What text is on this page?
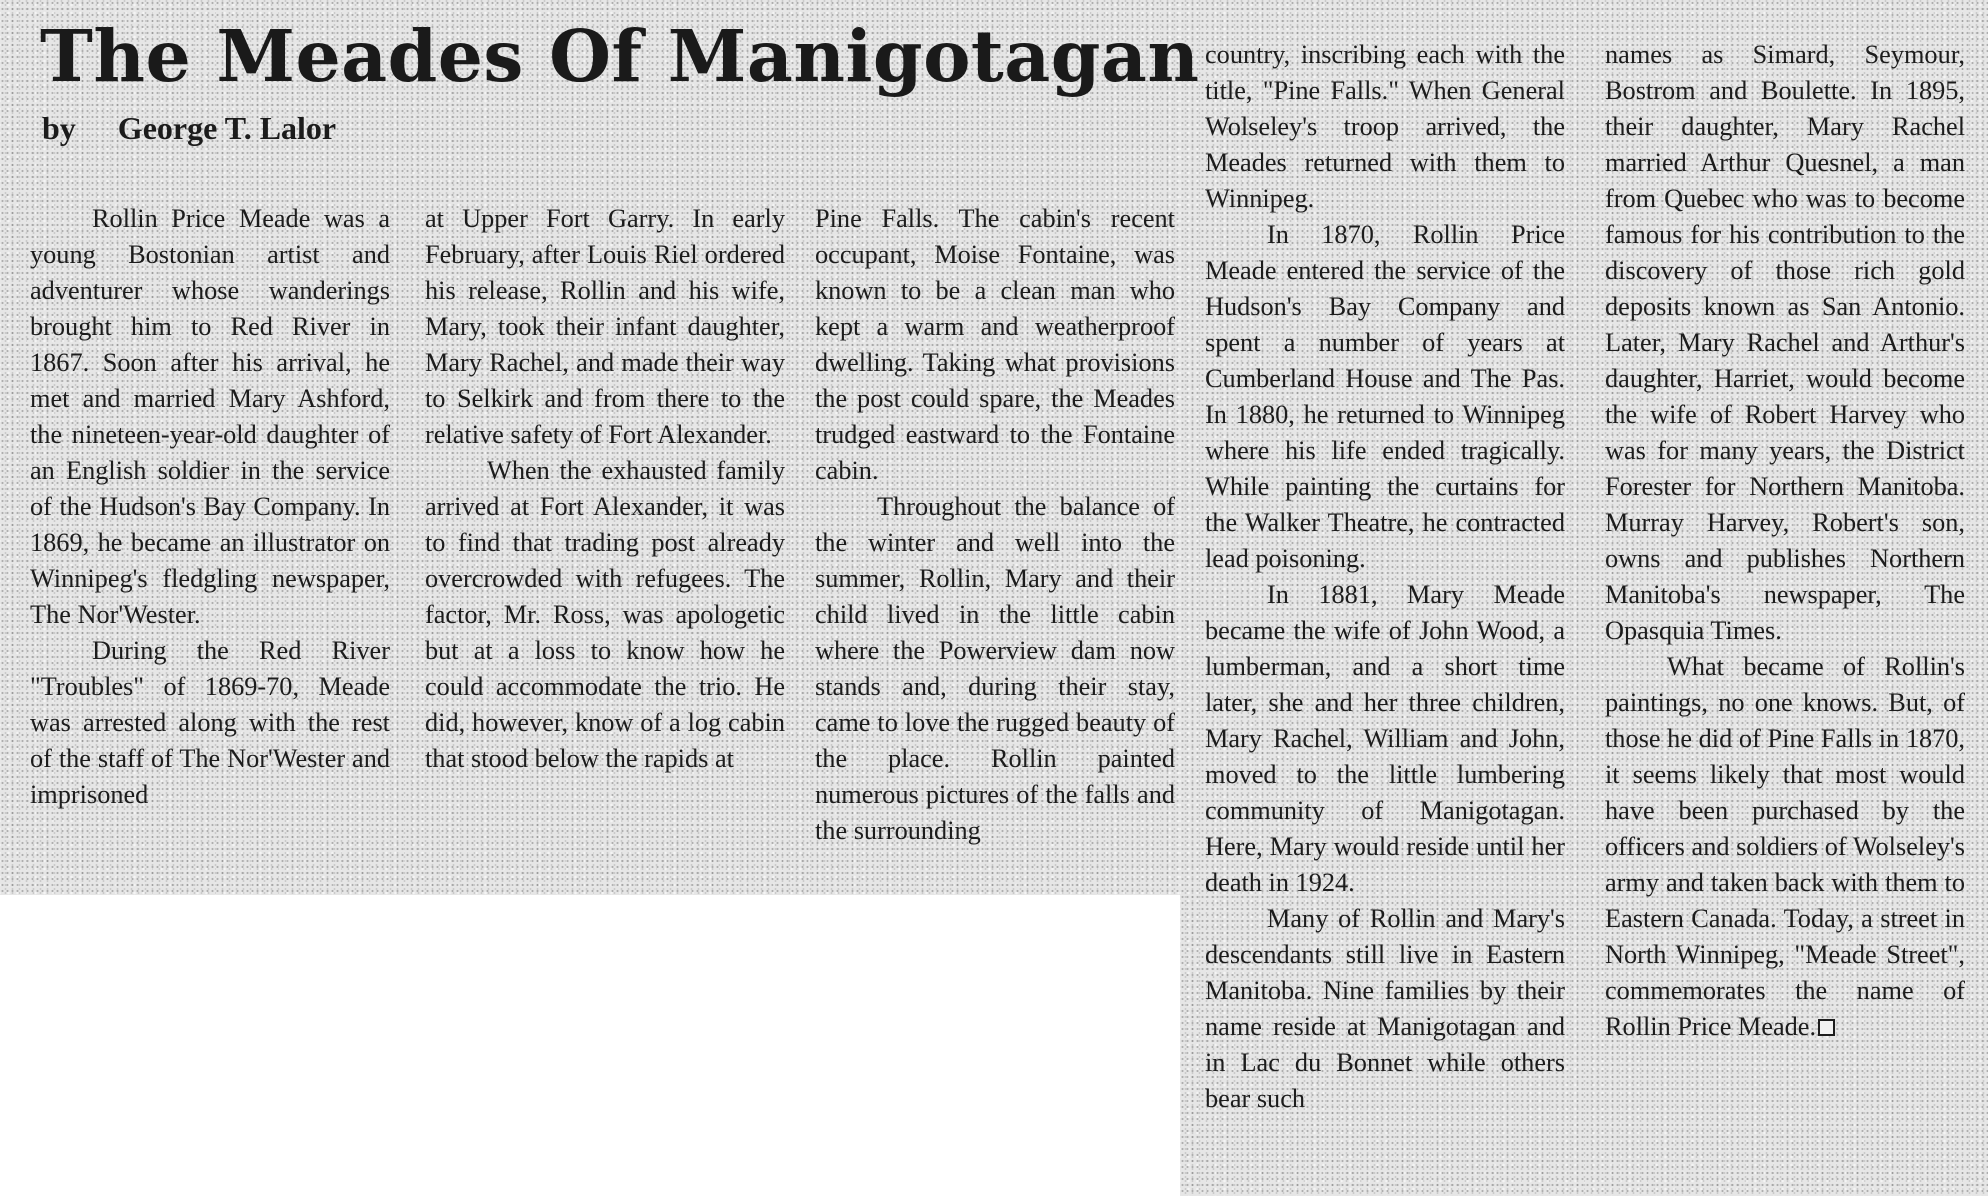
The Meades Of Manigotagan
by George T. Lalor

Rollin Price Meade was a young Bostonian artist and adventurer whose wanderings brought him to Red River in 1867. Soon after his arrival, he met and married Mary Ashford, the nineteen-year-old daughter of an English soldier in the service of the Hudson's Bay Company. In 1869, he became an illustrator on Winnipeg's fledgling newspaper, The Nor'Wester.

During the Red River "Troubles" of 1869-70, Meade was arrested along with the rest of the staff of The Nor'Wester and imprisoned

at Upper Fort Garry. In early February, after Louis Riel ordered his release, Rollin and his wife, Mary, took their infant daughter, Mary Rachel, and made their way to Selkirk and from there to the relative safety of Fort Alexander.

When the exhausted family arrived at Fort Alexander, it was to find that trading post already overcrowded with refugees. The factor, Mr. Ross, was apologetic but at a loss to know how he could accommodate the trio. He did, however, know of a log cabin that stood below the rapids at

Pine Falls. The cabin's recent occupant, Moise Fontaine, was known to be a clean man who kept a warm and weatherproof dwelling. Taking what provisions the post could spare, the Meades trudged eastward to the Fontaine cabin.

Throughout the balance of the winter and well into the summer, Rollin, Mary and their child lived in the little cabin where the Powerview dam now stands and, during their stay, came to love the rugged beauty of the place. Rollin painted numerous pictures of the falls and the surrounding

country, inscribing each with the title, "Pine Falls." When General Wolseley's troop arrived, the Meades returned with them to Winnipeg.

In 1870, Rollin Price Meade entered the service of the Hudson's Bay Company and spent a number of years at Cumberland House and The Pas. In 1880, he returned to Winnipeg where his life ended tragically. While painting the curtains for the Walker Theatre, he contracted lead poisoning.

In 1881, Mary Meade became the wife of John Wood, a lumberman, and a short time later, she and her three children, Mary Rachel, William and John, moved to the little lumbering community of Manigotagan. Here, Mary would reside until her death in 1924.

Many of Rollin and Mary's descendants still live in Eastern Manitoba. Nine families by their name reside at Manigotagan and in Lac du Bonnet while others bear such

names as Simard, Seymour, Bostrom and Boulette. In 1895, their daughter, Mary Rachel married Arthur Quesnel, a man from Quebec who was to become famous for his contribution to the discovery of those rich gold deposits known as San Antonio. Later, Mary Rachel and Arthur's daughter, Harriet, would become the wife of Robert Harvey who was for many years, the District Forester for Northern Manitoba. Murray Harvey, Robert's son, owns and publishes Northern Manitoba's newspaper, The Opasquia Times.

What became of Rollin's paintings, no one knows. But, of those he did of Pine Falls in 1870, it seems likely that most would have been purchased by the officers and soldiers of Wolseley's army and taken back with them to Eastern Canada. Today, a street in North Winnipeg, "Meade Street", commemorates the name of Rollin Price Meade.
